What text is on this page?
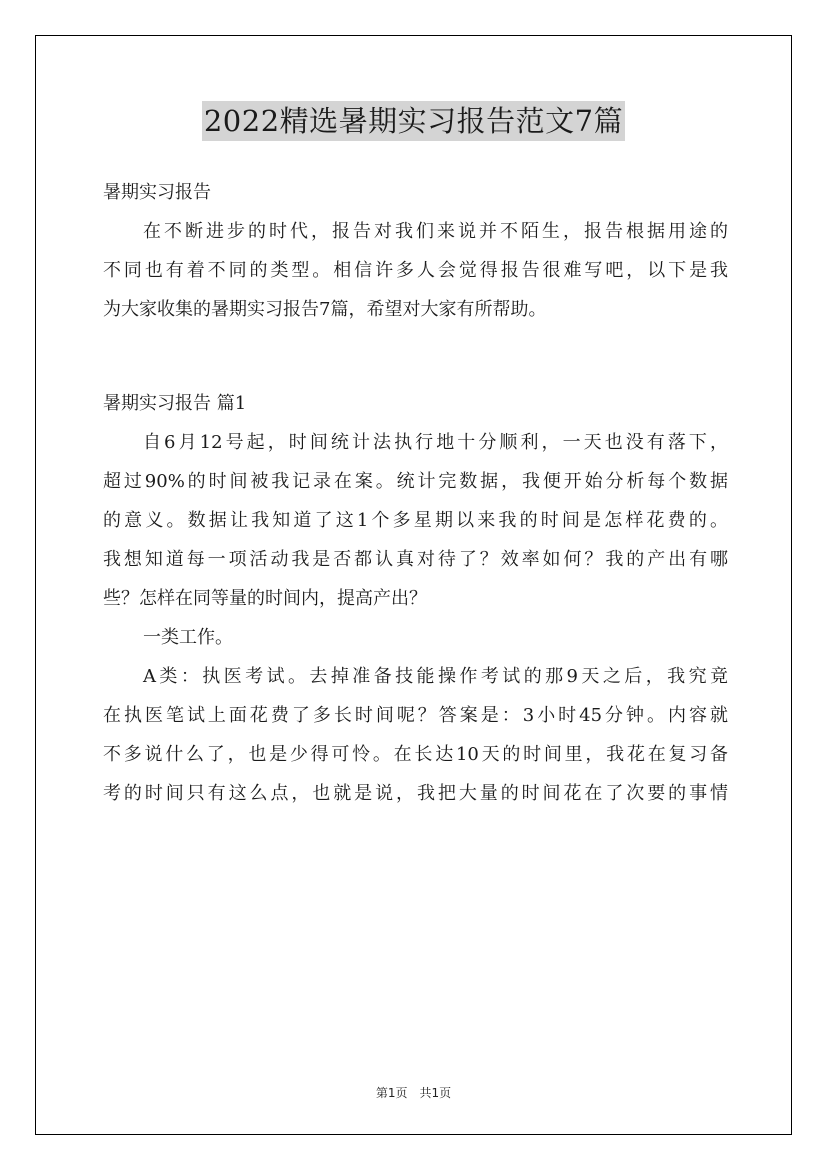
2022精选暑期实习报告范文7篇
暑期实习报告
在不断进步的时代，报告对我们来说并不陌生，报告根据用途的
不同也有着不同的类型。相信许多人会觉得报告很难写吧，以下是我
为大家收集的暑期实习报告7篇，希望对大家有所帮助。
暑期实习报告 篇1
自6月12号起，时间统计法执行地十分顺利，一天也没有落下，
超过90%的时间被我记录在案。统计完数据，我便开始分析每个数据
的意义。数据让我知道了这1个多星期以来我的时间是怎样花费的。
我想知道每一项活动我是否都认真对待了？效率如何？我的产出有哪
些？怎样在同等量的时间内，提高产出？
一类工作。
A类：执医考试。去掉准备技能操作考试的那9天之后，我究竟
在执医笔试上面花费了多长时间呢？答案是：3小时45分钟。内容就
不多说什么了，也是少得可怜。在长达10天的时间里，我花在复习备
考的时间只有这么点，也就是说，我把大量的时间花在了次要的事情
第1页 共1页
